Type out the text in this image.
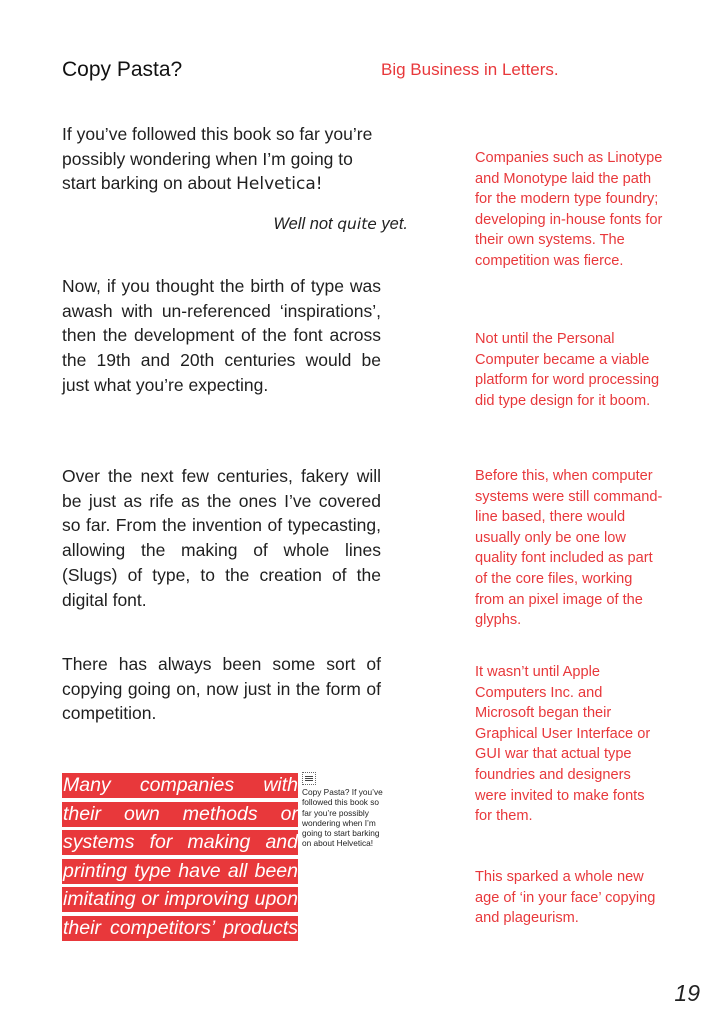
Copy Pasta?	Big Business in Letters.
If you’ve followed this book so far you’re possibly wondering when I’m going to start barking on about Helvetica!
Well not quite yet.
Now, if you thought the birth of type was awash with un-referenced ‘inspirations’, then the development of the font across the 19th and 20th centuries would be just what you’re expecting.
Over the next few centuries, fakery will be just as rife as the ones I’ve covered so far. From the invention of typecasting, allowing the making of whole lines (Slugs) of type, to the creation of the digital font.
There has always been some sort of copying going on, now just in the form of competition.
Many companies with
their own methods or
systems for making and
printing type have all been
imitating or improving upon
their competitors’ products
Copy Pasta? If you’ve followed this book so far you’re possibly wondering when I’m going to start barking on about Helvetica!
Companies such as Linotype and Monotype laid the path for the modern type foundry; developing in-house fonts for their own systems. The competition was fierce.
Not until the Personal Computer became a viable platform for word processing did type design for it boom.
Before this, when computer systems were still command-line based, there would usually only be one low quality font included as part of the core files, working from an pixel image of the glyphs.
It wasn’t until Apple Computers Inc. and Microsoft began their Graphical User Interface or GUI war that actual type foundries and designers were invited to make fonts for them.
This sparked a whole new age of ‘in your face’ copying and plageurism.
19
